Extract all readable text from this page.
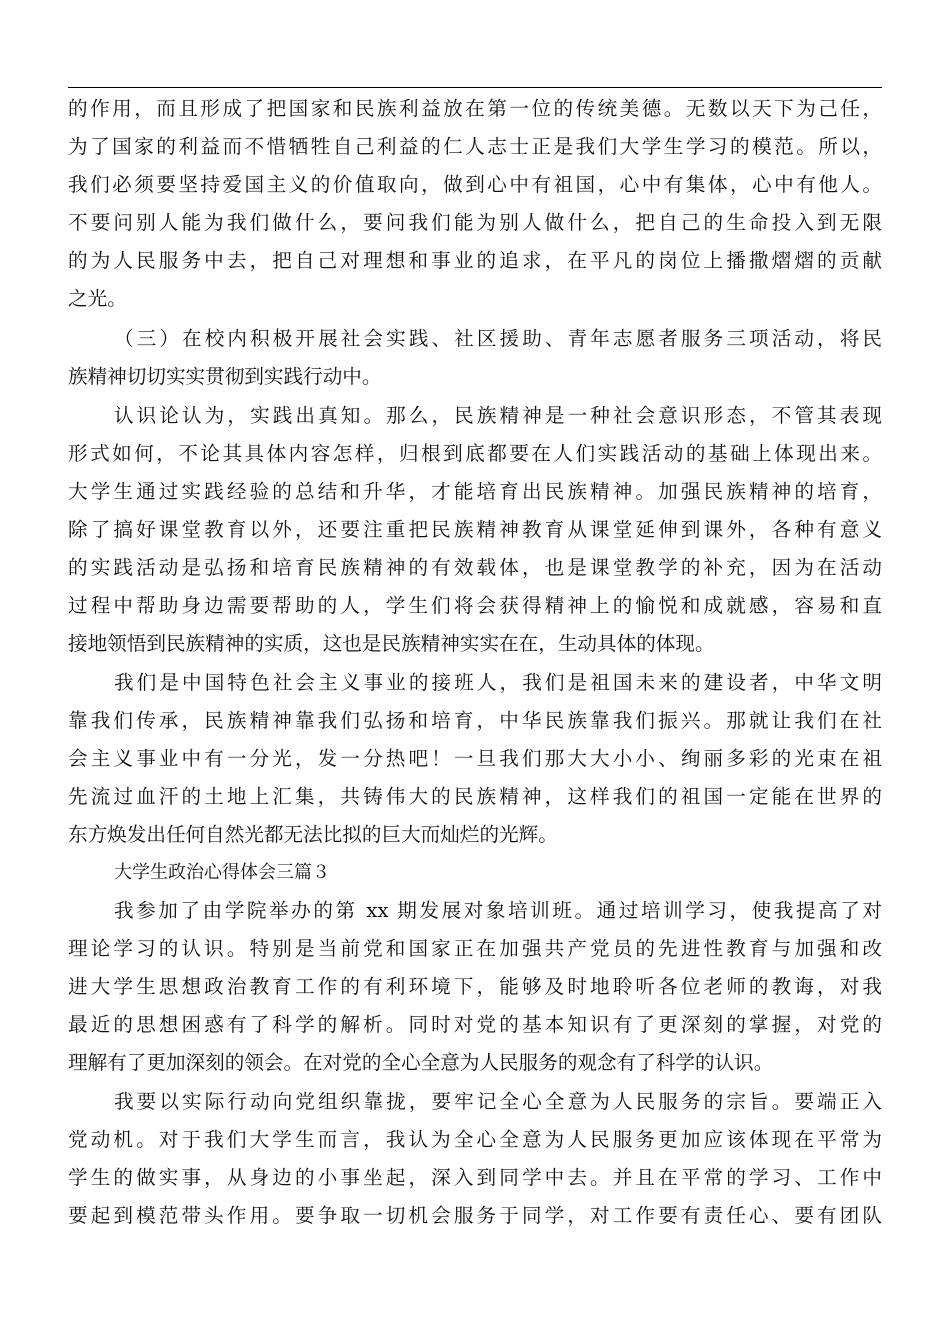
的作用，而且形成了把国家和民族利益放在第一位的传统美德。无数以天下为己任，
为了国家的利益而不惜牺牲自己利益的仁人志士正是我们大学生学习的模范。所以，
我们必须要坚持爱国主义的价值取向，做到心中有祖国，心中有集体，心中有他人。
不要问别人能为我们做什么，要问我们能为别人做什么，把自己的生命投入到无限
的为人民服务中去，把自己对理想和事业的追求，在平凡的岗位上播撒熠熠的贡献
之光。
（三）在校内积极开展社会实践、社区援助、青年志愿者服务三项活动，将民
族精神切切实实贯彻到实践行动中。
认识论认为，实践出真知。那么，民族精神是一种社会意识形态，不管其表现
形式如何，不论其具体内容怎样，归根到底都要在人们实践活动的基础上体现出来。
大学生通过实践经验的总结和升华，才能培育出民族精神。加强民族精神的培育，
除了搞好课堂教育以外，还要注重把民族精神教育从课堂延伸到课外，各种有意义
的实践活动是弘扬和培育民族精神的有效载体，也是课堂教学的补充，因为在活动
过程中帮助身边需要帮助的人，学生们将会获得精神上的愉悦和成就感，容易和直
接地领悟到民族精神的实质，这也是民族精神实实在在，生动具体的体现。
我们是中国特色社会主义事业的接班人，我们是祖国未来的建设者，中华文明
靠我们传承，民族精神靠我们弘扬和培育，中华民族靠我们振兴。那就让我们在社
会主义事业中有一分光，发一分热吧！一旦我们那大大小小、绚丽多彩的光束在祖
先流过血汗的土地上汇集，共铸伟大的民族精神，这样我们的祖国一定能在世界的
东方焕发出任何自然光都无法比拟的巨大而灿烂的光辉。
大学生政治心得体会三篇３
我参加了由学院举办的第 xx 期发展对象培训班。通过培训学习，使我提高了对
理论学习的认识。特别是当前党和国家正在加强共产党员的先进性教育与加强和改
进大学生思想政治教育工作的有利环境下，能够及时地聆听各位老师的教诲，对我
最近的思想困惑有了科学的解析。同时对党的基本知识有了更深刻的掌握，对党的
理解有了更加深刻的领会。在对党的全心全意为人民服务的观念有了科学的认识。
我要以实际行动向党组织靠拢，要牢记全心全意为人民服务的宗旨。要端正入
党动机。对于我们大学生而言，我认为全心全意为人民服务更加应该体现在平常为
学生的做实事，从身边的小事坐起，深入到同学中去。并且在平常的学习、工作中
要起到模范带头作用。要争取一切机会服务于同学，对工作要有责任心、要有团队
